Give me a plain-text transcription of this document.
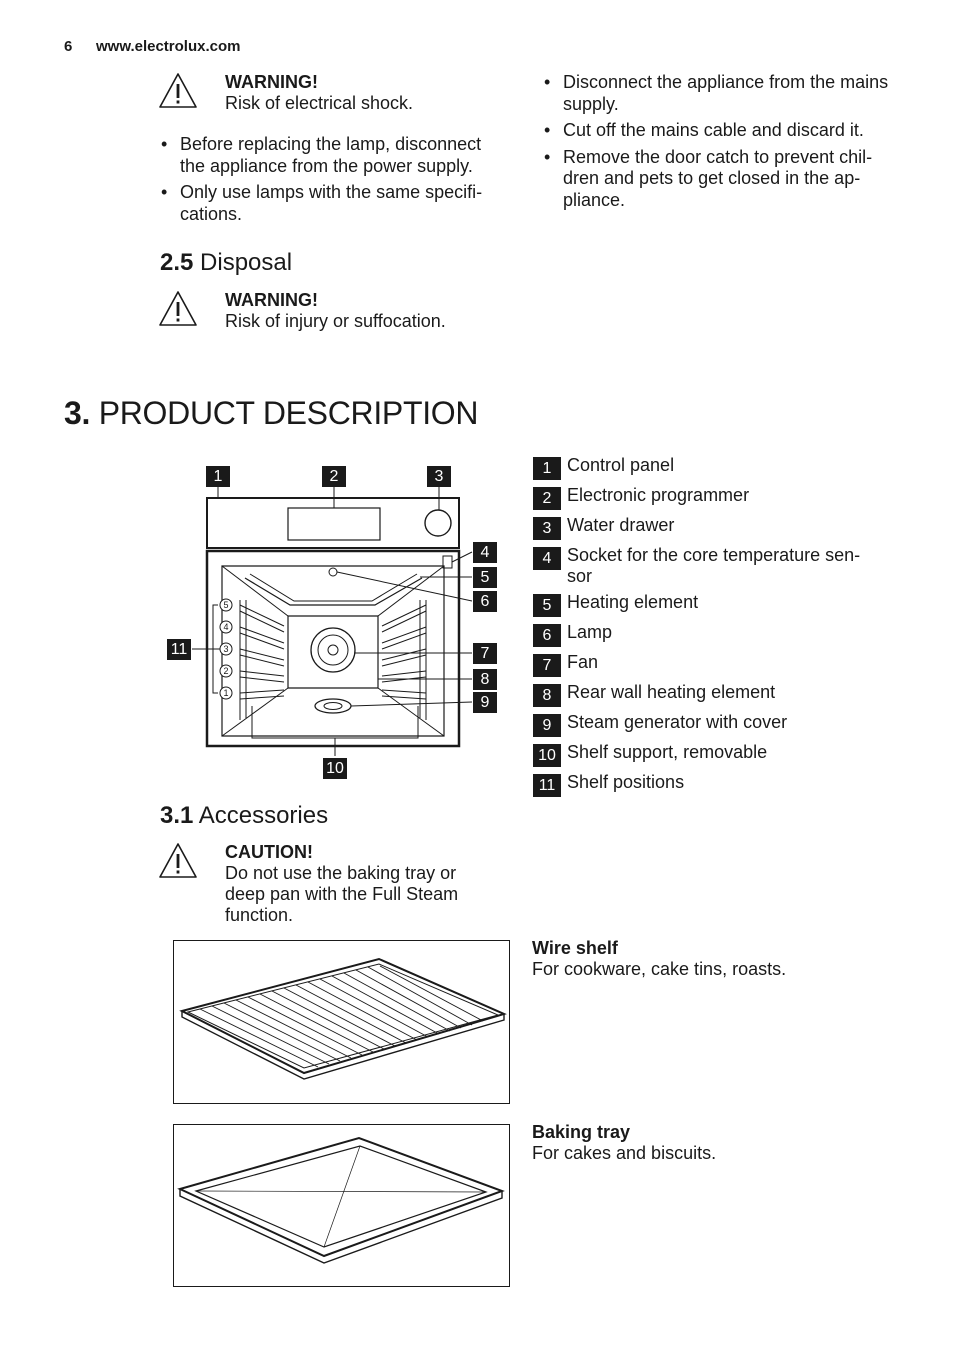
6 www.electrolux.com
WARNING!
Risk of electrical shock.
• Before replacing the lamp, disconnect the appliance from the power supply.
• Only use lamps with the same specifi-cations.
• Disconnect the appliance from the mains supply.
• Cut off the mains cable and discard it.
• Remove the door catch to prevent chil-dren and pets to get closed in the ap-pliance.
2.5 Disposal
WARNING!
Risk of injury or suffocation.
3. PRODUCT DESCRIPTION
5
4
3
2
1
1	2	3
4
5
6
7
8
9
10
11
1 Control panel
2 Electronic programmer
3 Water drawer
4 Socket for the core temperature sen-sor
5 Heating element
6 Lamp
7 Fan
8 Rear wall heating element
9 Steam generator with cover
10 Shelf support, removable
11 Shelf positions
3.1 Accessories
CAUTION!
Do not use the baking tray or deep pan with the Full Steam function.
Wire shelf
For cookware, cake tins, roasts.
Baking tray
For cakes and biscuits.
